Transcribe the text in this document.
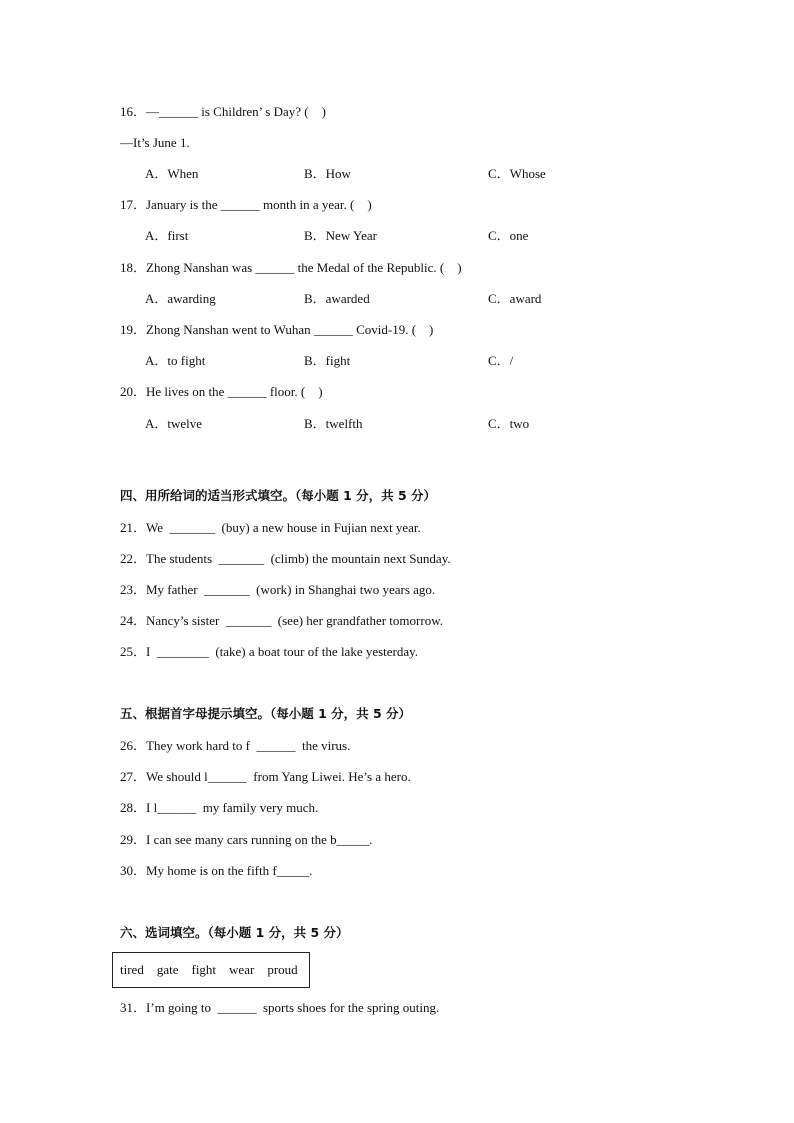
16．—______ is Children’ s Day? (    )
—It’s June 1.
A．When	B．How	C．Whose
17．January is the ______ month in a year. (    )
A．first	B．New Year	C．one
18．Zhong Nanshan was ______ the Medal of the Republic. (    )
A．awarding	B．awarded	C．award
19．Zhong Nanshan went to Wuhan ______ Covid-19. (    )
A．to fight	B．fight	C．/
20．He lives on the ______ floor. (    )
A．twelve	B．twelfth	C．two
四、用所给词的适当形式填空。（每小题 1 分，共 5 分）
21．We  _______  (buy) a new house in Fujian next year.
22．The students  _______  (climb) the mountain next Sunday.
23．My father  _______  (work) in Shanghai two years ago.
24．Nancy’s sister  _______  (see) her grandfather tomorrow.
25．I  ________  (take) a boat tour of the lake yesterday.
五、根据首字母提示填空。（每小题 1 分，共 5 分）
26．They work hard to f  ______  the virus.
27．We should l______  from Yang Liwei. He’s a hero.
28．I l______  my family very much.
29．I can see many cars running on the b_____.
30．My home is on the fifth f_____.
六、选词填空。（每小题 1 分，共 5 分）
tired gate fight wear proud
31．I’m going to  ______  sports shoes for the spring outing.
